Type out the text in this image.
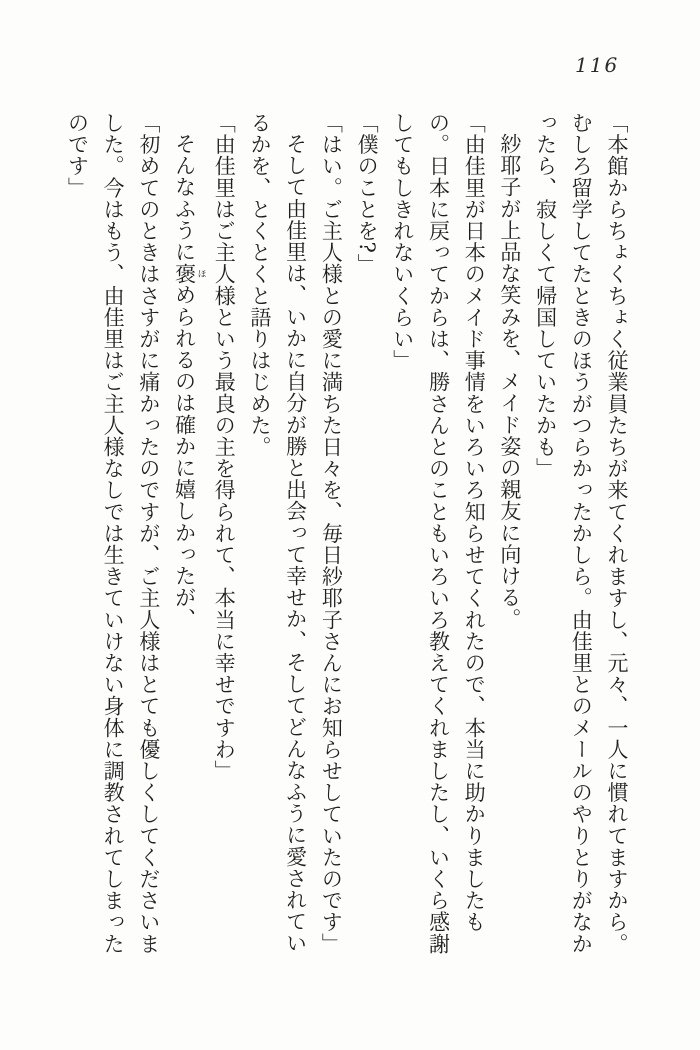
116

「本館からちょくちょく従業員たちが来てくれますし、元々、一人に慣れてますから。むしろ留学してたときのほうがつらかったかしら。由佳里とのメールのやりとりがなかったら、寂しくて帰国していたかも」

紗耶子が上品な笑みを、メイド姿の親友に向ける。

「由佳里が日本のメイド事情をいろいろ知らせてくれたので、本当に助かりましたもの。日本に戻ってからは、勝さんとのこともいろいろ教えてくれましたし、いくら感謝してもしきれないくらい」

「僕のことを?」

「はい。ご主人様との愛に満ちた日々を、毎日紗耶子さんにお知らせしていたのです」

そして由佳里は、いかに自分が勝と出会って幸せか、そしてどんなふうに愛されているかを、とくとくと語りはじめた。

「由佳里はご主人様という最良の主を得られて、本当に幸せですわ」

そんなふうに褒 ほめられるのは確かに嬉しかったが、

「初めてのときはさすがに痛かったのですが、ご主人様はとても優しくしてくださいました。今はもう、由佳里はご主人様なしでは生きていけない身体に調教されてしまったのです」
